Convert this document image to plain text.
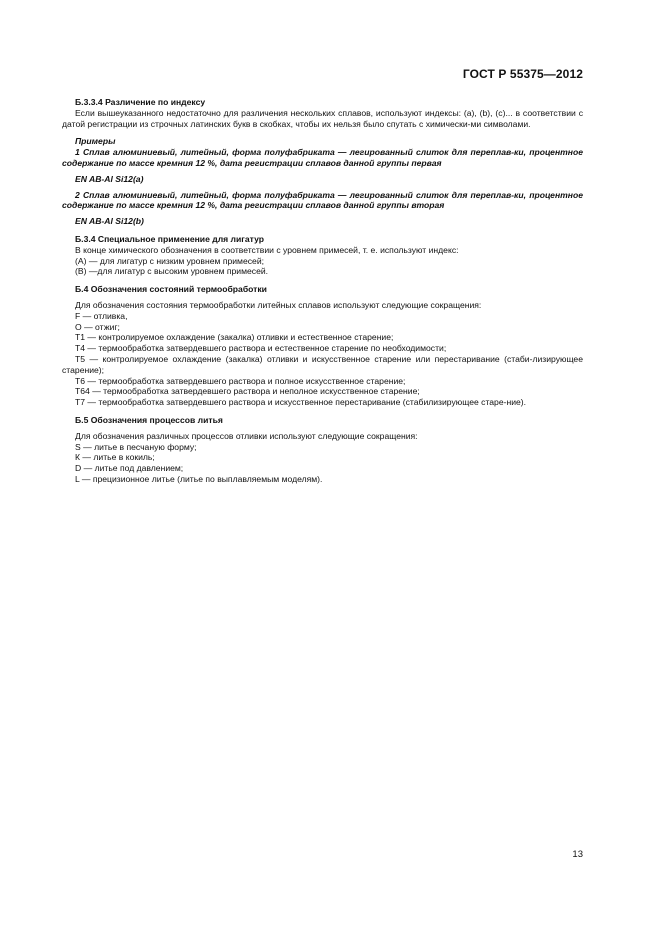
ГОСТ Р 55375—2012

Б.3.3.4 Различение по индексу

Если вышеуказанного недостаточно для различения нескольких сплавов, используют индексы: (а), (b), (с)... в соответствии с датой регистрации из строчных латинских букв в скобках, чтобы их нельзя было спутать с химически-ми символами.

Примеры

1 Сплав алюминиевый, литейный, форма полуфабриката — легированный слиток для переплав-ки, процентное содержание по массе кремния 12 %, дата регистрации сплавов данной группы первая

EN AB-Al Si12(a)

2 Сплав алюминиевый, литейный, форма полуфабриката — легированный слиток для переплав-ки, процентное содержание по массе кремния 12 %, дата регистрации сплавов данной группы вторая

EN AB-Al Si12(b)

Б.3.4 Специальное применение для лигатур

В конце химического обозначения в соответствии с уровнем примесей, т. е. используют индекс:

(А) — для лигатур с низким уровнем примесей;

(В) —для лигатур с высоким уровнем примесей.

Б.4 Обозначения состояний термообработки

Для обозначения состояния термообработки литейных сплавов используют следующие сокращения:

F — отливка,

О — отжиг;

Т1 — контролируемое охлаждение (закалка) отливки и естественное старение;

Т4 — термообработка затвердевшего раствора и естественное старение по необходимости;

Т5 — контролируемое охлаждение (закалка) отливки и искусственное старение или перестаривание (стаби-лизирующее старение);

Т6 — термообработка затвердевшего раствора и полное искусственное старение;

Т64 — термообработка затвердевшего раствора и неполное искусственное старение;

Т7 — термообработка затвердевшего раствора и искусственное перестаривание (стабилизирующее старе-ние).

Б.5 Обозначения процессов литья

Для обозначения различных процессов отливки используют следующие сокращения:

S — литье в песчаную форму;

К — литье в кокиль;

D — литье под давлением;

L — прецизионное литье (литье по выплавляемым моделям).

13
